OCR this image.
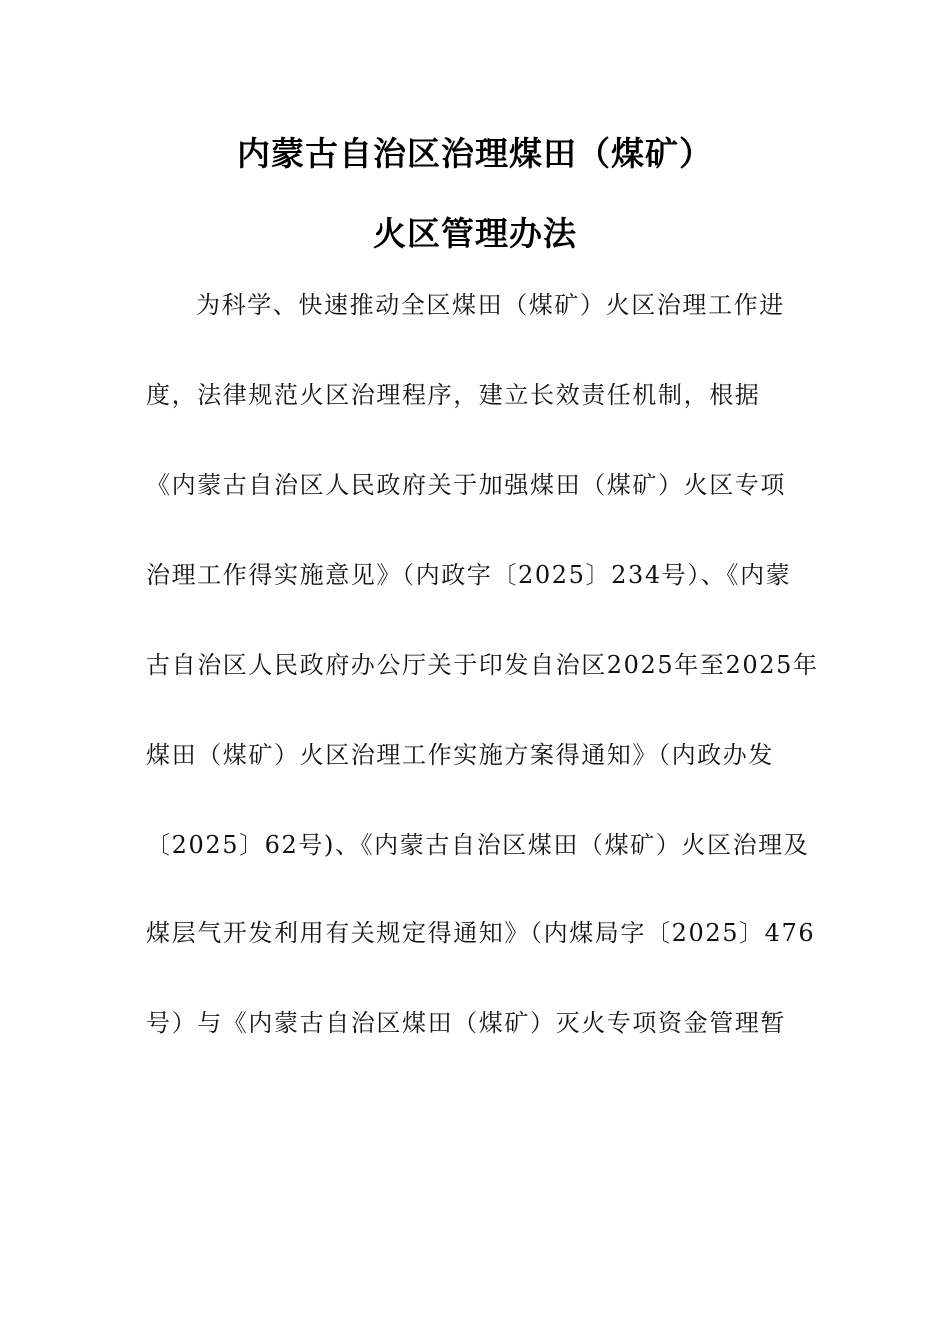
内蒙古自治区治理煤田（煤矿）
火区管理办法
为科学、快速推动全区煤田（煤矿）火区治理工作进
度，法律规范火区治理程序，建立长效责任机制，根据
《内蒙古自治区人民政府关于加强煤田（煤矿）火区专项
治理工作得实施意见》（内政字〔2025〕234号）、《内蒙
古自治区人民政府办公厅关于印发自治区2025年至2025年
煤田（煤矿）火区治理工作实施方案得通知》（内政办发
〔2025〕62号)、《内蒙古自治区煤田（煤矿）火区治理及
煤层气开发利用有关规定得通知》（内煤局字〔2025〕476
号）与《内蒙古自治区煤田（煤矿）灭火专项资金管理暂
